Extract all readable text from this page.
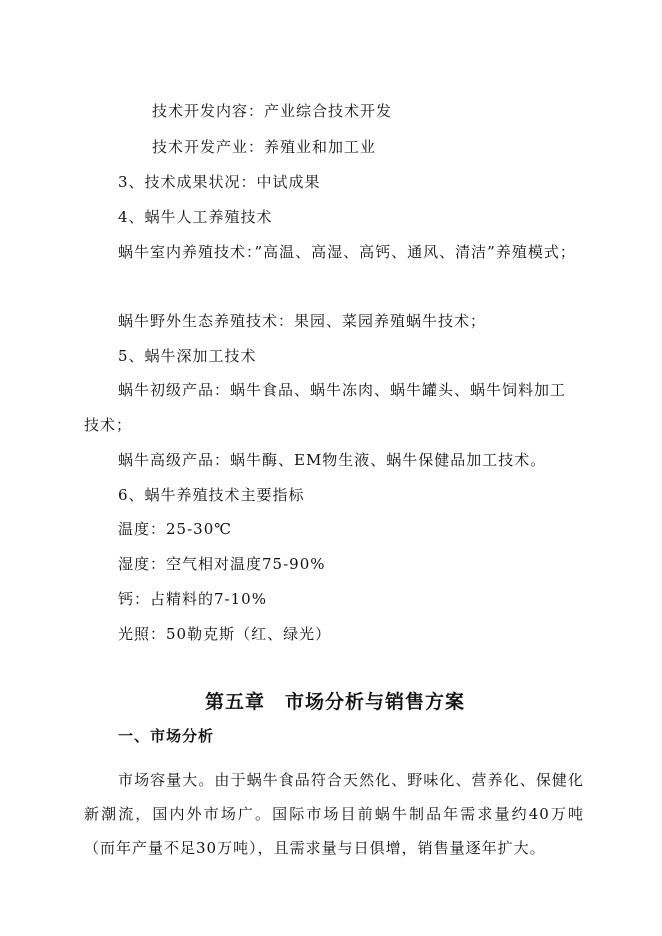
技术开发内容：产业综合技术开发
技术开发产业：养殖业和加工业
3、技术成果状况：中试成果
4、蜗牛人工养殖技术
蜗牛室内养殖技术：”高温、高湿、高钙、通风、清洁”养殖模式；
蜗牛野外生态养殖技术：果园、菜园养殖蜗牛技术；
5、蜗牛深加工技术
蜗牛初级产品：蜗牛食品、蜗牛冻肉、蜗牛罐头、蜗牛饲料加工
技术；
蜗牛高级产品：蜗牛酶、EM物生液、蜗牛保健品加工技术。
6、蜗牛养殖技术主要指标
温度：25-30℃
湿度：空气相对温度75-90%
钙：占精料的7-10%
光照：50勒克斯（红、绿光）
第五章　市场分析与销售方案
一、市场分析
市场容量大。由于蜗牛食品符合天然化、野味化、营养化、保健化新潮流，国内外市场广。国际市场目前蜗牛制品年需求量约40万吨（而年产量不足30万吨），且需求量与日俱增，销售量逐年扩大。
